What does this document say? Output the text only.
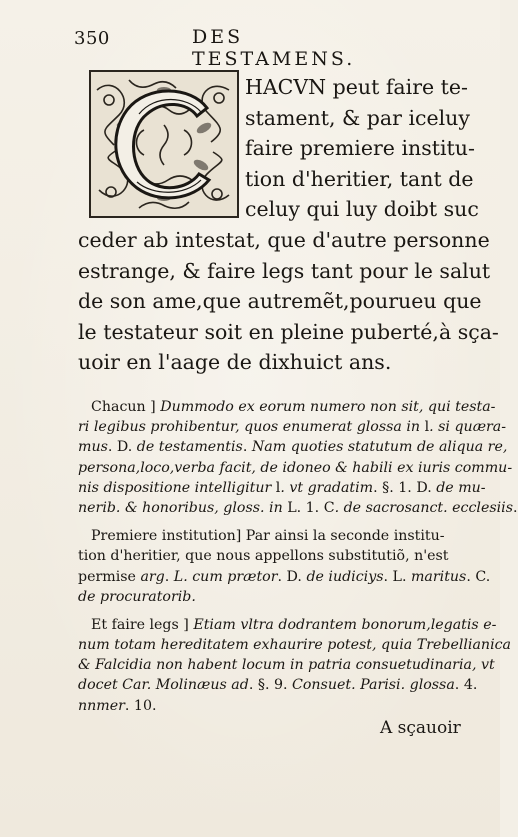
350	DES TESTAMENS.
HACVN peut faire te-
stament, & par iceluy
faire premiere institu-
tion d'heritier, tant de
celuy qui luy doibt suc
ceder ab intestat, que d'autre personne
estrange, & faire legs tant pour le salut
de son ame,que autremẽt,pourueu que
le testateur soit en pleine puberté,à sça-
uoir en l'aage de dixhuict ans.
Chacun ] Dummodo ex eorum numero non sit, qui testa-
ri legibus prohibentur, quos enumerat glossa in l. si quæra-
mus. D. de testamentis. Nam quoties statutum de aliqua re,
persona,loco,verba facit, de idoneo & habili ex iuris commu-
nis dispositione intelligitur l. vt gradatim. §. 1. D. de mu-
nerib. & honoribus, gloss. in L. 1. C. de sacrosanct. ecclesiis.
Premiere institution] Par ainsi la seconde institu-
tion d'heritier, que nous appellons substitutiõ, n'est
permise arg. L. cum prætor. D. de iudiciys. L. maritus. C.
de procuratorib.
Et faire legs ] Etiam vltra dodrantem bonorum,legatis e-
num totam hereditatem exhaurire potest, quia Trebellianica
& Falcidia non habent locum in patria consuetudinaria, vt
docet Car. Molinæus ad. §. 9. Consuet. Parisi. glossa. 4.
nnmer. 10.
A sçauoir
